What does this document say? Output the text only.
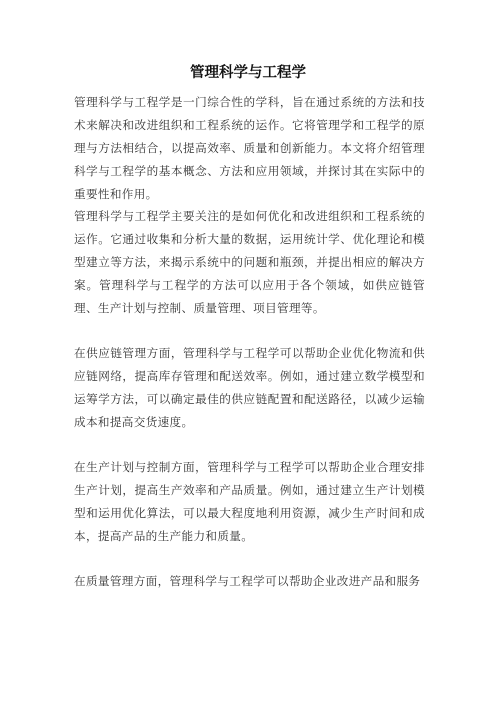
管理科学与工程学

管理科学与工程学是一门综合性的学科，旨在通过系统的方法和技术来解决和改进组织和工程系统的运作。它将管理学和工程学的原理与方法相结合，以提高效率、质量和创新能力。本文将介绍管理科学与工程学的基本概念、方法和应用领域，并探讨其在实际中的重要性和作用。

管理科学与工程学主要关注的是如何优化和改进组织和工程系统的运作。它通过收集和分析大量的数据，运用统计学、优化理论和模型建立等方法，来揭示系统中的问题和瓶颈，并提出相应的解决方案。管理科学与工程学的方法可以应用于各个领域，如供应链管理、生产计划与控制、质量管理、项目管理等。

在供应链管理方面，管理科学与工程学可以帮助企业优化物流和供应链网络，提高库存管理和配送效率。例如，通过建立数学模型和运筹学方法，可以确定最佳的供应链配置和配送路径，以减少运输成本和提高交货速度。

在生产计划与控制方面，管理科学与工程学可以帮助企业合理安排生产计划，提高生产效率和产品质量。例如，通过建立生产计划模型和运用优化算法，可以最大程度地利用资源，减少生产时间和成本，提高产品的生产能力和质量。

在质量管理方面，管理科学与工程学可以帮助企业改进产品和服务
